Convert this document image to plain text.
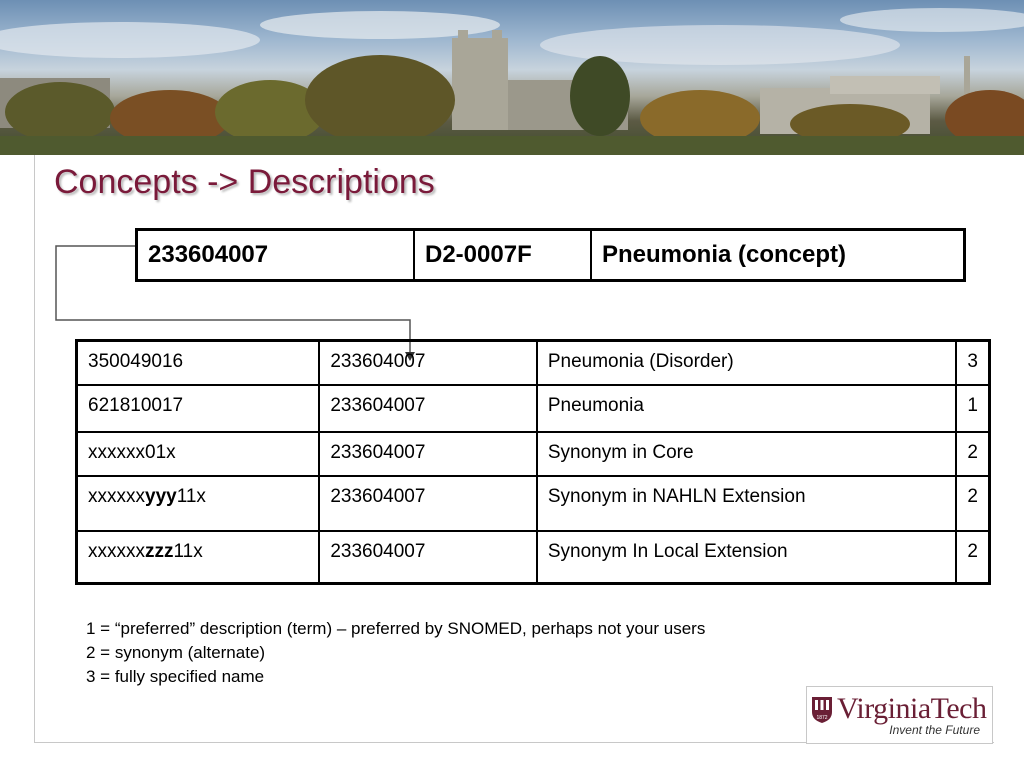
Concepts -> Descriptions
233604007	D2-0007F	Pneumonia (concept)
350049016	233604007	Pneumonia (Disorder)	3
621810017	233604007	Pneumonia	1
xxxxxx01x	233604007	Synonym in Core	2
xxxxxxyyy11x	233604007	Synonym in NAHLN Extension	2
xxxxxxzzz11x	233604007	Synonym In Local Extension	2
1 = “preferred” description (term) – preferred by SNOMED, perhaps not your users
2 = synonym (alternate)
3 = fully specified name
1872 VirginiaTech
Invent the Future
